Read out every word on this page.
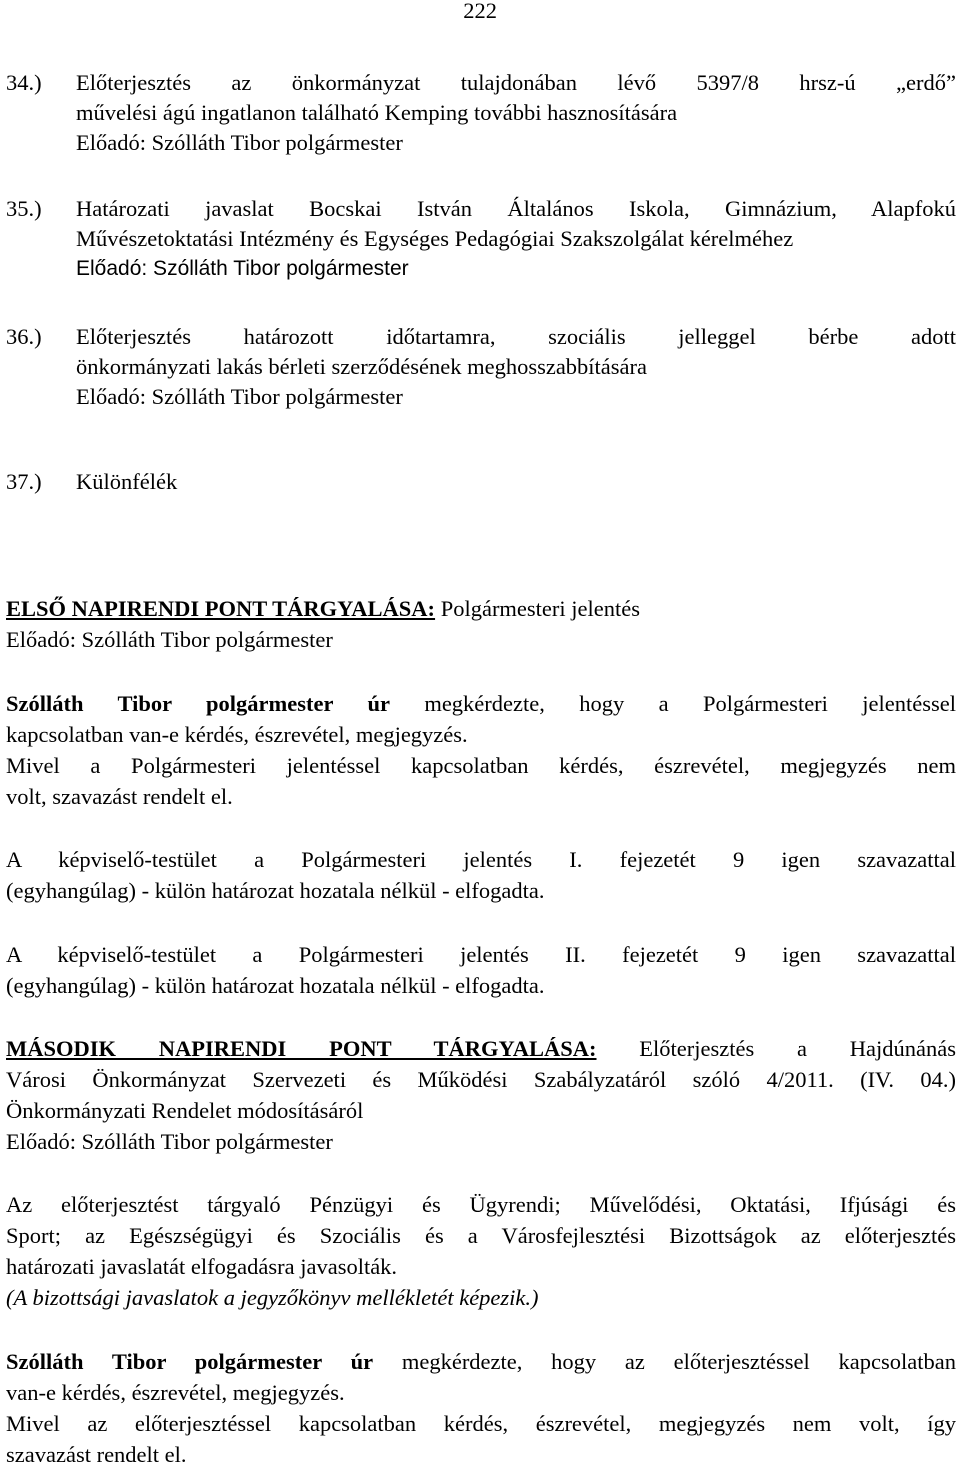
222
34.) Előterjesztés az önkormányzat tulajdonában lévő 5397/8 hrsz-ú „erdő”

művelési ágú ingatlanon található Kemping további hasznosítására

Előadó: Szólláth Tibor polgármester

35.) Határozati javaslat Bocskai István Általános Iskola, Gimnázium, Alapfokú

Művészetoktatási Intézmény és Egységes Pedagógiai Szakszolgálat kérelméhez

Előadó: Szólláth Tibor polgármester

36.) Előterjesztés határozott időtartamra, szociális jelleggel bérbe adott

önkormányzati lakás bérleti szerződésének meghosszabbítására

Előadó: Szólláth Tibor polgármester

37.) Különfélék

ELSŐ NAPIRENDI PONT TÁRGYALÁSA: Polgármesteri jelentés

Előadó: Szólláth Tibor polgármester

Szólláth Tibor polgármester úr megkérdezte, hogy a Polgármesteri jelentéssel

kapcsolatban van-e kérdés, észrevétel, megjegyzés.

Mivel a Polgármesteri jelentéssel kapcsolatban kérdés, észrevétel, megjegyzés nem

volt, szavazást rendelt el.

A képviselő-testület a Polgármesteri jelentés I. fejezetét 9 igen szavazattal

(egyhangúlag) - külön határozat hozatala nélkül - elfogadta.

A képviselő-testület a Polgármesteri jelentés II. fejezetét 9 igen szavazattal

(egyhangúlag) - külön határozat hozatala nélkül - elfogadta.

MÁSODIK NAPIRENDI PONT TÁRGYALÁSA: Előterjesztés a Hajdúnánás

Városi Önkormányzat Szervezeti és Működési Szabályzatáról szóló 4/2011. (IV. 04.)

Önkormányzati Rendelet módosításáról

Előadó: Szólláth Tibor polgármester

Az előterjesztést tárgyaló Pénzügyi és Ügyrendi; Művelődési, Oktatási, Ifjúsági és

Sport; az Egészségügyi és Szociális és a Városfejlesztési Bizottságok az előterjesztés

határozati javaslatát elfogadásra javasolták.

(A bizottsági javaslatok a jegyzőkönyv mellékletét képezik.)

Szólláth Tibor polgármester úr megkérdezte, hogy az előterjesztéssel kapcsolatban

van-e kérdés, észrevétel, megjegyzés.

Mivel az előterjesztéssel kapcsolatban kérdés, észrevétel, megjegyzés nem volt, így

szavazást rendelt el.
